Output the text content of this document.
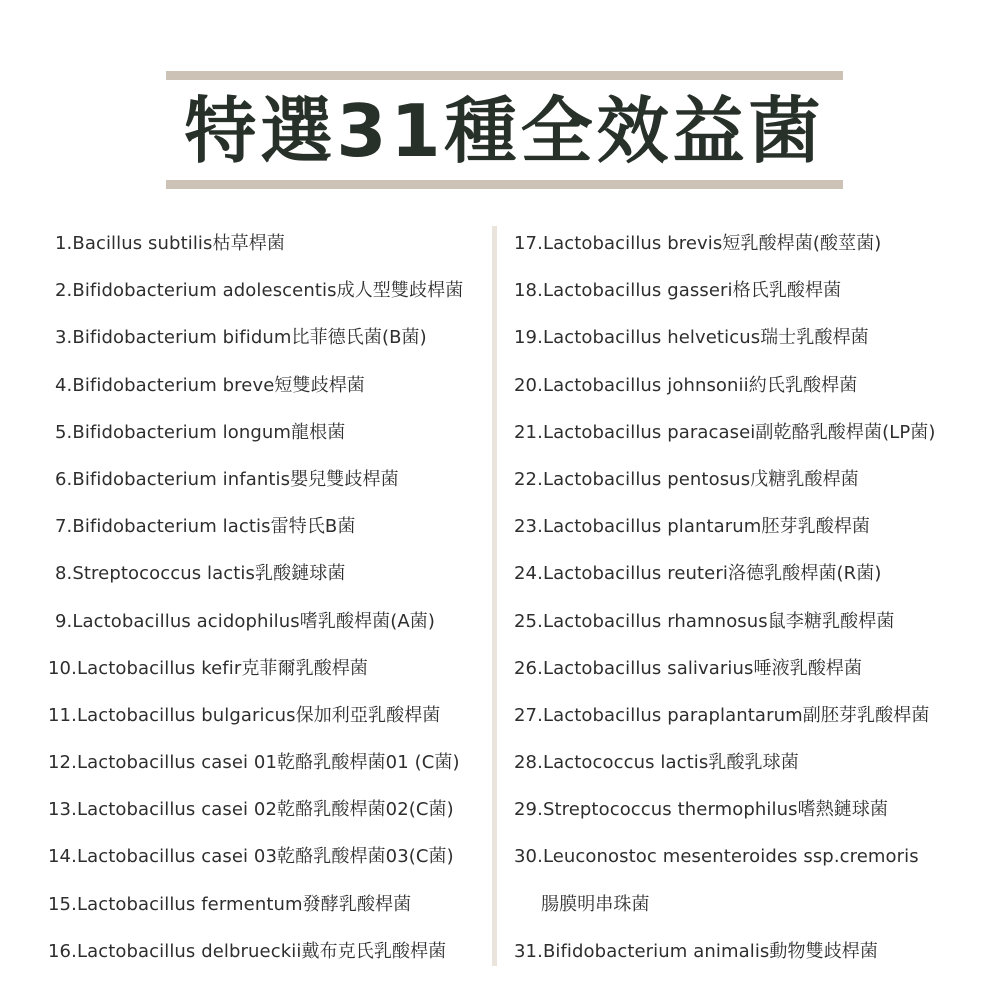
特選31種全效益菌
1.Bacillus subtilis枯草桿菌
2.Bifidobacterium adolescentis成人型雙歧桿菌
3.Bifidobacterium bifidum比菲德氏菌(B菌)
4.Bifidobacterium breve短雙歧桿菌
5.Bifidobacterium longum龍根菌
6.Bifidobacterium infantis嬰兒雙歧桿菌
7.Bifidobacterium lactis雷特氏B菌
8.Streptococcus lactis乳酸鏈球菌
9.Lactobacillus acidophilus嗜乳酸桿菌(A菌)
10.Lactobacillus kefir克菲爾乳酸桿菌
11.Lactobacillus bulgaricus保加利亞乳酸桿菌
12.Lactobacillus casei 01乾酪乳酸桿菌01 (C菌)
13.Lactobacillus casei 02乾酪乳酸桿菌02(C菌)
14.Lactobacillus casei 03乾酪乳酸桿菌03(C菌)
15.Lactobacillus fermentum發酵乳酸桿菌
16.Lactobacillus delbrueckii戴布克氏乳酸桿菌
17.Lactobacillus brevis短乳酸桿菌(酸莖菌)
18.Lactobacillus gasseri格氏乳酸桿菌
19.Lactobacillus helveticus瑞士乳酸桿菌
20.Lactobacillus johnsonii約氏乳酸桿菌
21.Lactobacillus paracasei副乾酪乳酸桿菌(LP菌)
22.Lactobacillus pentosus戊糖乳酸桿菌
23.Lactobacillus plantarum胚芽乳酸桿菌
24.Lactobacillus reuteri洛德乳酸桿菌(R菌)
25.Lactobacillus rhamnosus鼠李糖乳酸桿菌
26.Lactobacillus salivarius唾液乳酸桿菌
27.Lactobacillus paraplantarum副胚芽乳酸桿菌
28.Lactococcus lactis乳酸乳球菌
29.Streptococcus thermophilus嗜熱鏈球菌
30.Leuconostoc mesenteroides ssp.cremoris
腸膜明串珠菌
31.Bifidobacterium animalis動物雙歧桿菌
